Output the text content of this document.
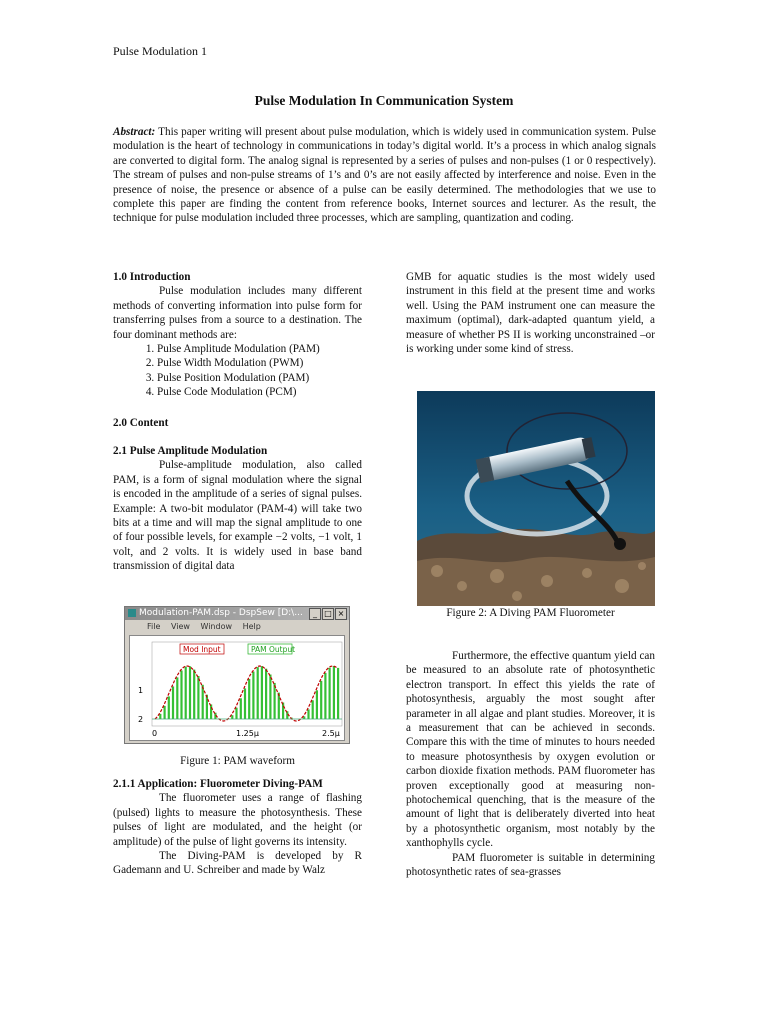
Pulse Modulation 1
Pulse Modulation In Communication System
Abstract: This paper writing will present about pulse modulation, which is widely used in communication system. Pulse modulation is the heart of technology in communications in today’s digital world. It’s a process in which analog signals are converted to digital form. The analog signal is represented by a series of pulses and non-pulses (1 or 0 respectively). The stream of pulses and non-pulse streams of 1’s and 0’s are not easily affected by interference and noise. Even in the presence of noise, the presence or absence of a pulse can be easily determined. The methodologies that we use to complete this paper are finding the content from reference books, Internet sources and lecturer. As the result, the technique for pulse modulation included three processes, which are sampling, quantization and coding.

1.0 Introduction

Pulse modulation includes many different methods of converting information into pulse form for transferring pulses from a source to a destination. The four dominant methods are:

1. Pulse Amplitude Modulation (PAM)
2. Pulse Width Modulation (PWM)
3. Pulse Position Modulation (PAM)
4. Pulse Code Modulation (PCM)

2.0 Content

2.1 Pulse Amplitude Modulation

Pulse-amplitude modulation, also called PAM, is a form of signal modulation where the signal is encoded in the amplitude of a series of signal pulses. Example: A two-bit modulator (PAM-4) will take two bits at a time and will map the signal amplitude to one of four possible levels, for example −2 volts, −1 volt, 1 volt, and 2 volts. It is widely used in base band transmission of digital data

Modulation-PAM.dsp - DspSew [D:\...	_ □ ×
File View Window Help
Mod Input	PAM Output
1
2
0	1.25µ	2.5µ
Figure 1: PAM waveform

2.1.1 Application: Fluorometer Diving-PAM

The fluorometer uses a range of flashing (pulsed) lights to measure the photosynthesis. These pulses of light are modulated, and the height (or amplitude) of the pulse of light governs its intensity.

The Diving-PAM is developed by R Gademann and U. Schreiber and made by Walz

GMB for aquatic studies is the most widely used instrument in this field at the present time and works well. Using the PAM instrument one can measure the maximum (optimal), dark-adapted quantum yield, a measure of whether PS II is working unconstrained –or is working under some kind of stress.

Figure 2: A Diving PAM Fluorometer

Furthermore, the effective quantum yield can be measured to an absolute rate of photosynthetic electron transport. In effect this yields the rate of photosynthesis, arguably the most sought after parameter in all algae and plant studies. Moreover, it is a measurement that can be achieved in seconds. Compare this with the time of minutes to hours needed to measure photosynthesis by oxygen evolution or carbon dioxide fixation methods. PAM fluorometer has proven exceptionally good at measuring non-photochemical quenching, that is the measure of the amount of light that is deliberately diverted into heat by a photosynthetic organism, most notably by the xanthophylls cycle.

PAM fluorometer is suitable in determining photosynthetic rates of sea-grasses
